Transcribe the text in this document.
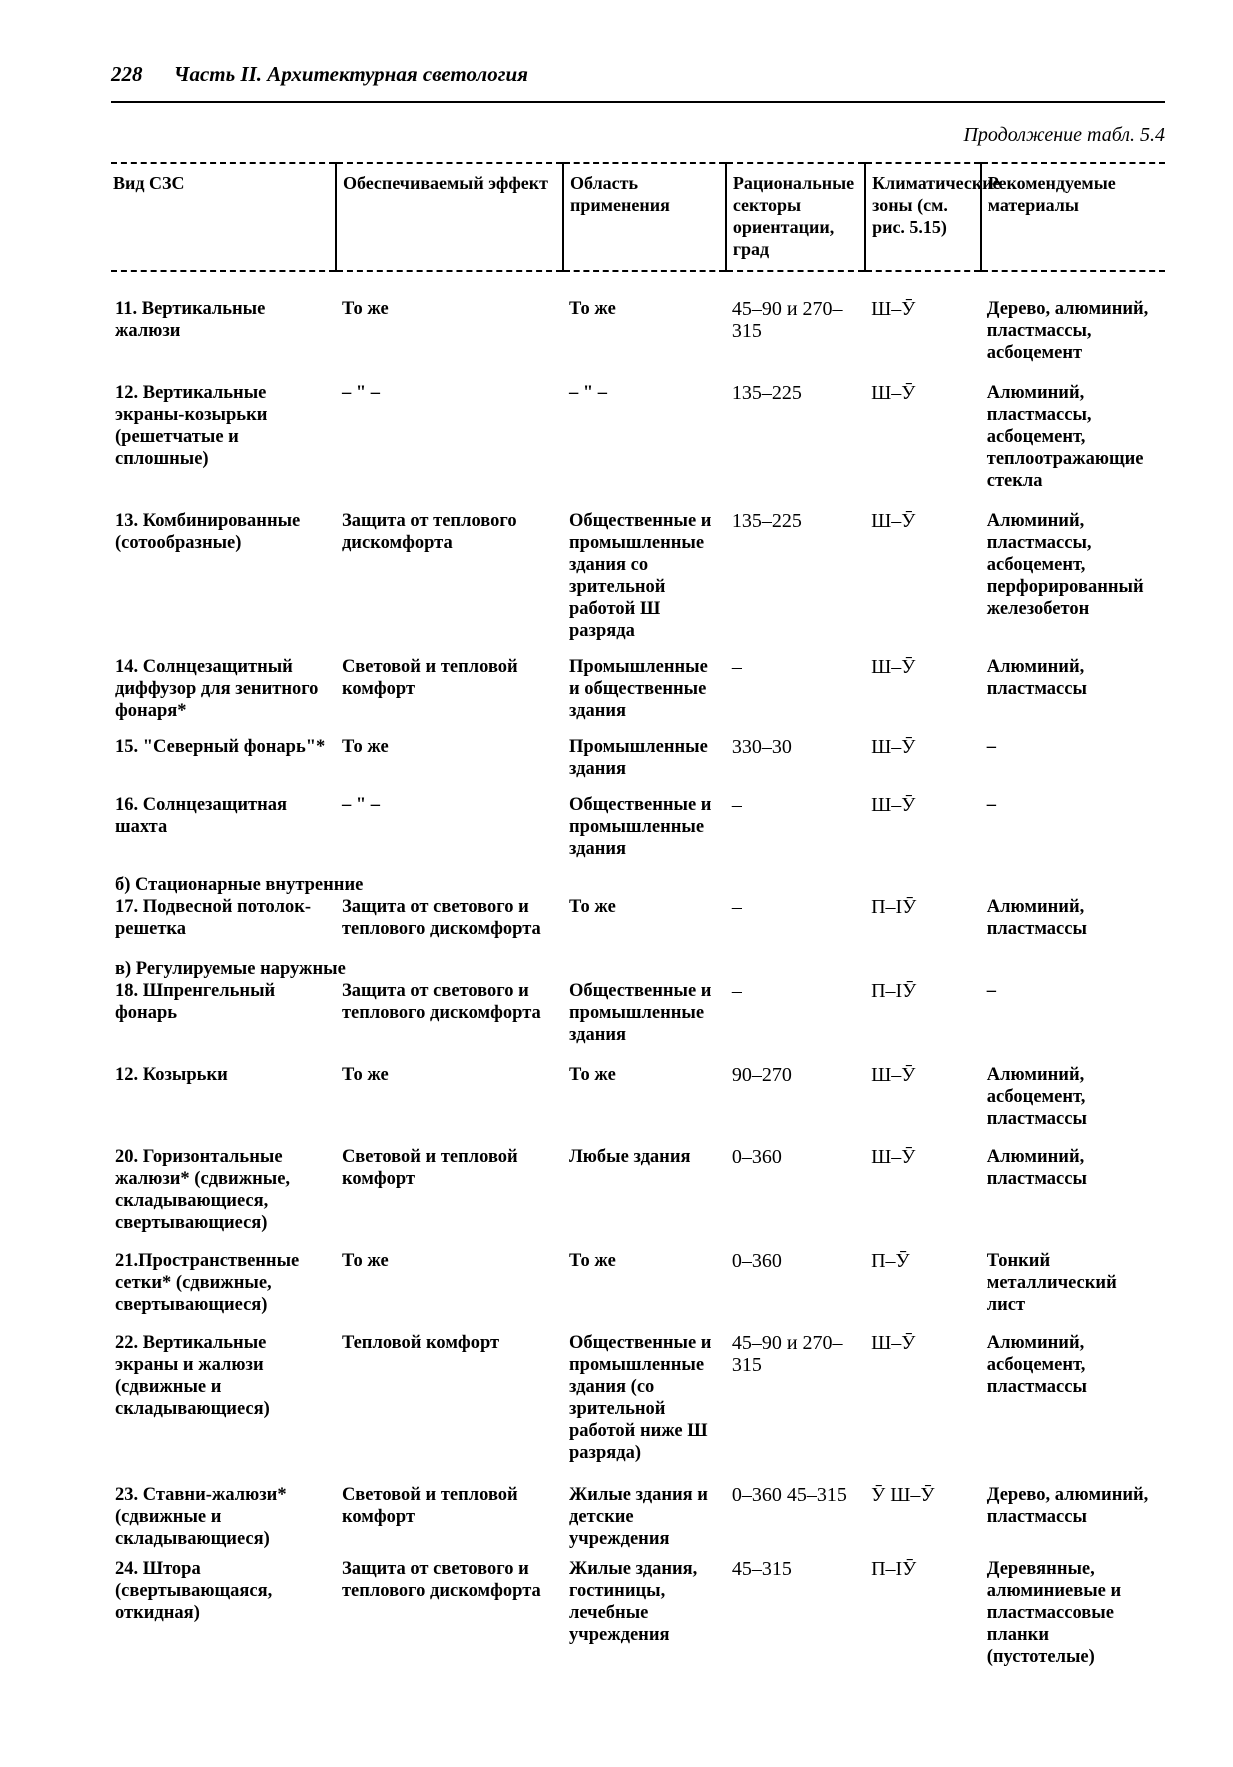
228 Часть II. Архитектурная светология
Продолжение табл. 5.4
Вид СЗС	Обеспечиваемый эффект	Область применения	Рациональные секторы ориентации, град	Климатические зоны (см. рис. 5.15)	Рекомендуемые материалы
11. Вертикальные жалюзи	То же	То же	45–90 и 270–315	Ш–Ӯ	Дерево, алюминий, пластмассы, асбоцемент
12. Вертикальные экраны-козырьки (решетчатые и сплошные)	– " –	– " –	135–225	Ш–Ӯ	Алюминий, пластмассы, асбоцемент, теплоотражающие стекла
13. Комбинированные (сотообразные)	Защита от теплового дискомфорта	Общественные и промышленные здания со зрительной работой Ш разряда	135–225	Ш–Ӯ	Алюминий, пластмассы, асбоцемент, перфорированный железобетон
14. Солнцезащитный диффузор для зенитного фонаря*	Световой и тепловой комфорт	Промышленные и общественные здания	–	Ш–Ӯ	Алюминий, пластмассы
15. "Северный фонарь"*	То же	Промышленные здания	330–30	Ш–Ӯ	–
16. Солнцезащитная шахта	– " –	Общественные и промышленные здания	–	Ш–Ӯ	–
б) Стационарные внутренние					
17. Подвесной потолок-решетка	Защита от светового и теплового дискомфорта	То же	–	П–ӀӮ	Алюминий, пластмассы
в) Регулируемые наружные					
18. Шпренгельный фонарь	Защита от светового и теплового дискомфорта	Общественные и промышленные здания	–	П–ӀӮ	–
12. Козырьки	То же	То же	90–270	Ш–Ӯ	Алюминий, асбоцемент, пластмассы
20. Горизонтальные жалюзи* (сдвижные, складывающиеся, свертывающиеся)	Световой и тепловой комфорт	Любые здания	0–360	Ш–Ӯ	Алюминий, пластмассы
21.Пространственные сетки* (сдвижные, свертывающиеся)	То же	То же	0–360	П–Ӯ	Тонкий металлический лист
22. Вертикальные экраны и жалюзи (сдвижные и складывающиеся)	Тепловой комфорт	Общественные и промышленные здания (со зрительной работой ниже Ш разряда)	45–90 и 270–315	Ш–Ӯ	Алюминий, асбоцемент, пластмассы
23. Ставни-жалюзи* (сдвижные и складывающиеся)	Световой и тепловой комфорт	Жилые здания и детские учреждения	0–360 45–315	Ӯ Ш–Ӯ	Дерево, алюминий, пластмассы
24. Штора (свертывающаяся, откидная)	Защита от светового и теплового дискомфорта	Жилые здания, гостиницы, лечебные учреждения	45–315	П–ӀӮ	Деревянные, алюминиевые и пластмассовые планки (пустотелые)
